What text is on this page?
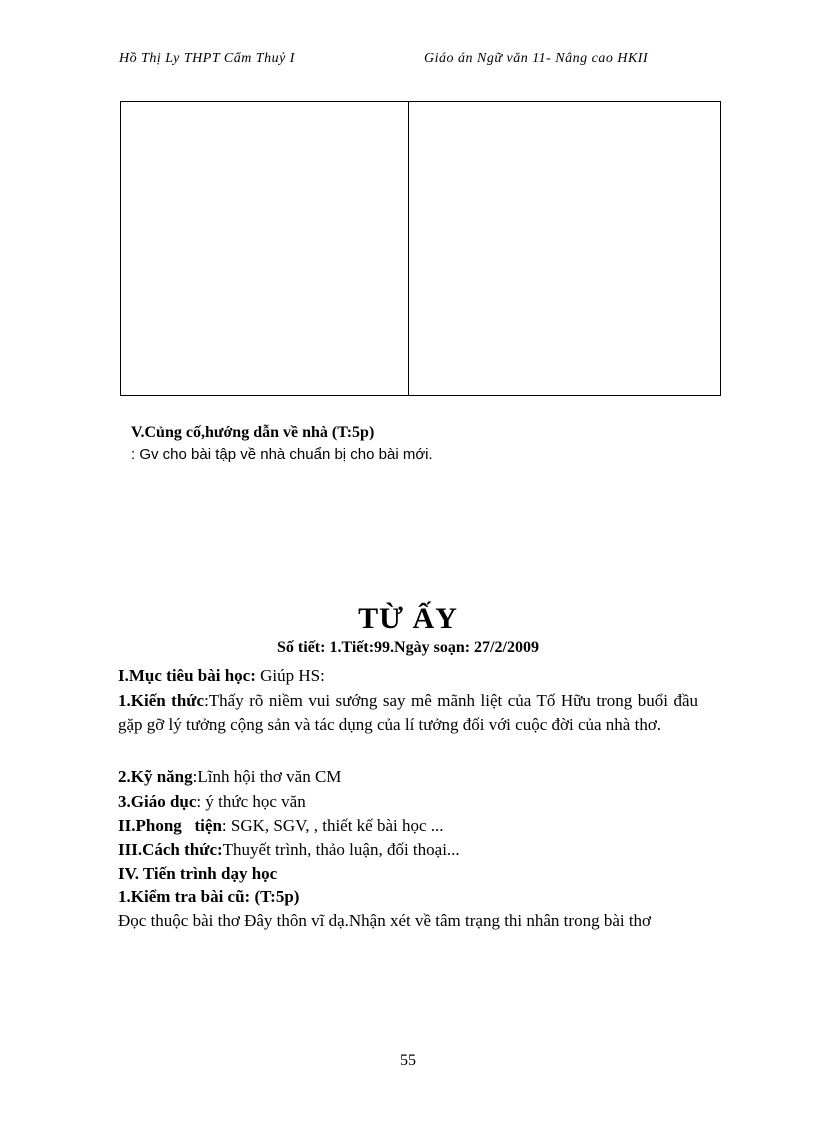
Hồ Thị Ly THPT Cẩm Thuỷ I	Giáo án Ngữ văn 11- Nâng cao HKII
V.Củng cố,hướng dẫn về nhà (T:5p)
: Gv cho bài tập về nhà chuẩn bị cho bài mới.
TỪ ẤY
Số tiết: 1.Tiết:99.Ngày soạn: 27/2/2009
I.Mục tiêu bài học: Giúp HS:
1.Kiến thức:Thấy rõ niềm vui sướng say mê mãnh liệt của Tố Hữu trong buổi đầu gặp gỡ lý tưởng cộng sản và tác dụng của lí tưởng đối với cuộc đời của nhà thơ.
2.Kỹ năng:Lĩnh hội thơ văn CM
3.Giáo dục: ý thức học văn
II.Phong   tiện: SGK, SGV, , thiết kế bài học ...
III.Cách thức:Thuyết trình, thảo luận, đối thoại...
IV. Tiến trình dạy học
1.Kiểm tra bài cũ: (T:5p)
Đọc thuộc bài thơ Đây thôn vĩ dạ.Nhận xét về tâm trạng thi nhân trong bài thơ
55
